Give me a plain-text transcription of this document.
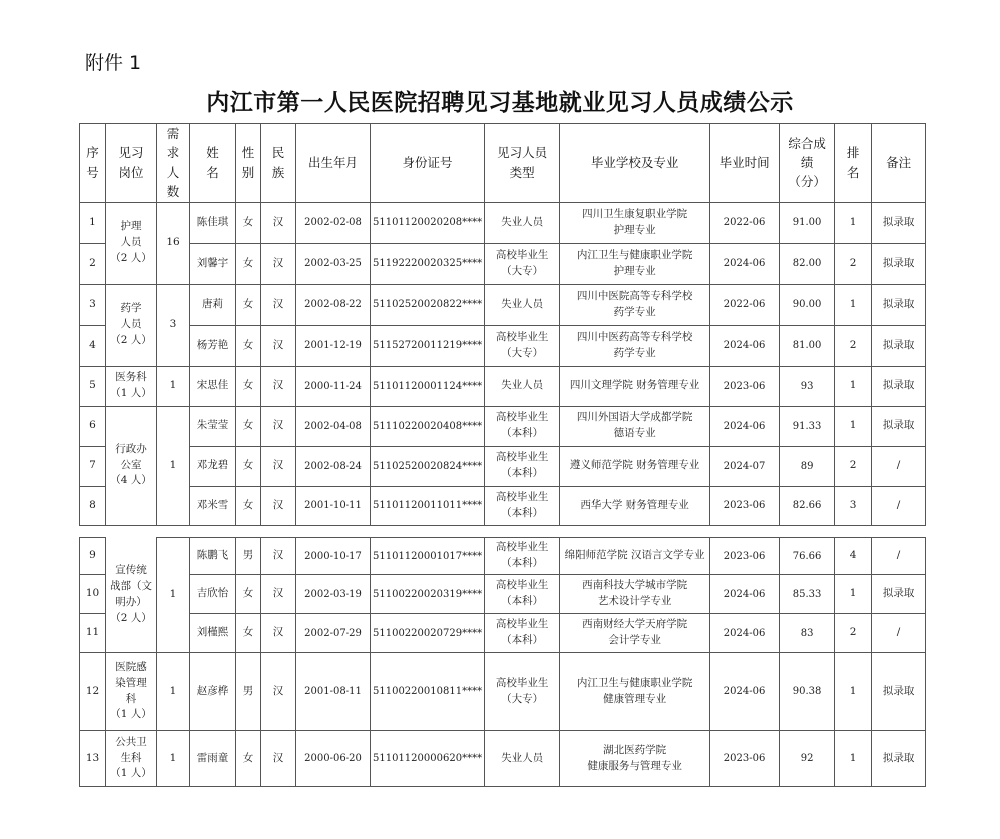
附件 1
内江市第一人民医院招聘见习基地就业见习人员成绩公示
序
号	见习
岗位	需
求
人
数	姓
名	性
别	民
族	出生年月	身份证号	见习人员
类型	毕业学校及专业	毕业时间	综合成
绩
（分）	排
名	备注
1	护理
人员
（2 人）	16	陈佳琪	女	汉	2002-02-08	51101120020208****	失业人员	四川卫生康复职业学院
护理专业	2022-06	91.00	1	拟录取
2			刘馨宇	女	汉	2002-03-25	51192220020325****	高校毕业生
（大专）	内江卫生与健康职业学院
护理专业	2024-06	82.00	2	拟录取
3	药学
人员
（2 人）	3	唐莉	女	汉	2002-08-22	51102520020822****	失业人员	四川中医院高等专科学校
药学专业	2022-06	90.00	1	拟录取
4			杨芳艳	女	汉	2001-12-19	51152720011219****	高校毕业生
（大专）	四川中医药高等专科学校
药学专业	2024-06	81.00	2	拟录取
5	医务科
（1 人）	1	宋思佳	女	汉	2000-11-24	51101120001124****	失业人员	四川文理学院 财务管理专业	2023-06	93	1	拟录取
6	行政办
公室
（4 人）	1	朱莹莹	女	汉	2002-04-08	51110220020408****	高校毕业生
（本科）	四川外国语大学成都学院
德语专业	2024-06	91.33	1	拟录取
7			邓龙碧	女	汉	2002-08-24	51102520020824****	高校毕业生
（本科）	遵义师范学院 财务管理专业	2024-07	89	2	/
8			邓米雪	女	汉	2001-10-11	51101120011011****	高校毕业生
（本科）	西华大学 财务管理专业	2023-06	82.66	3	/
9	宣传统
战部（文
明办）
（2 人）	1	陈鹏飞	男	汉	2000-10-17	51101120001017****	高校毕业生
（本科）	绵阳师范学院 汉语言文学专业	2023-06	76.66	4	/
10			吉欣怡	女	汉	2002-03-19	51100220020319****	高校毕业生
（本科）	西南科技大学城市学院
艺术设计学专业	2024-06	85.33	1	拟录取
11			刘槿熙	女	汉	2002-07-29	51100220020729****	高校毕业生
（本科）	西南财经大学天府学院
会计学专业	2024-06	83	2	/
12	医院感
染管理
科
（1 人）	1	赵彦桦	男	汉	2001-08-11	51100220010811****	高校毕业生
（大专）	内江卫生与健康职业学院
健康管理专业	2024-06	90.38	1	拟录取
13	公共卫
生科
（1 人）	1	雷雨童	女	汉	2000-06-20	51101120000620****	失业人员	湖北医药学院
健康服务与管理专业	2023-06	92	1	拟录取
